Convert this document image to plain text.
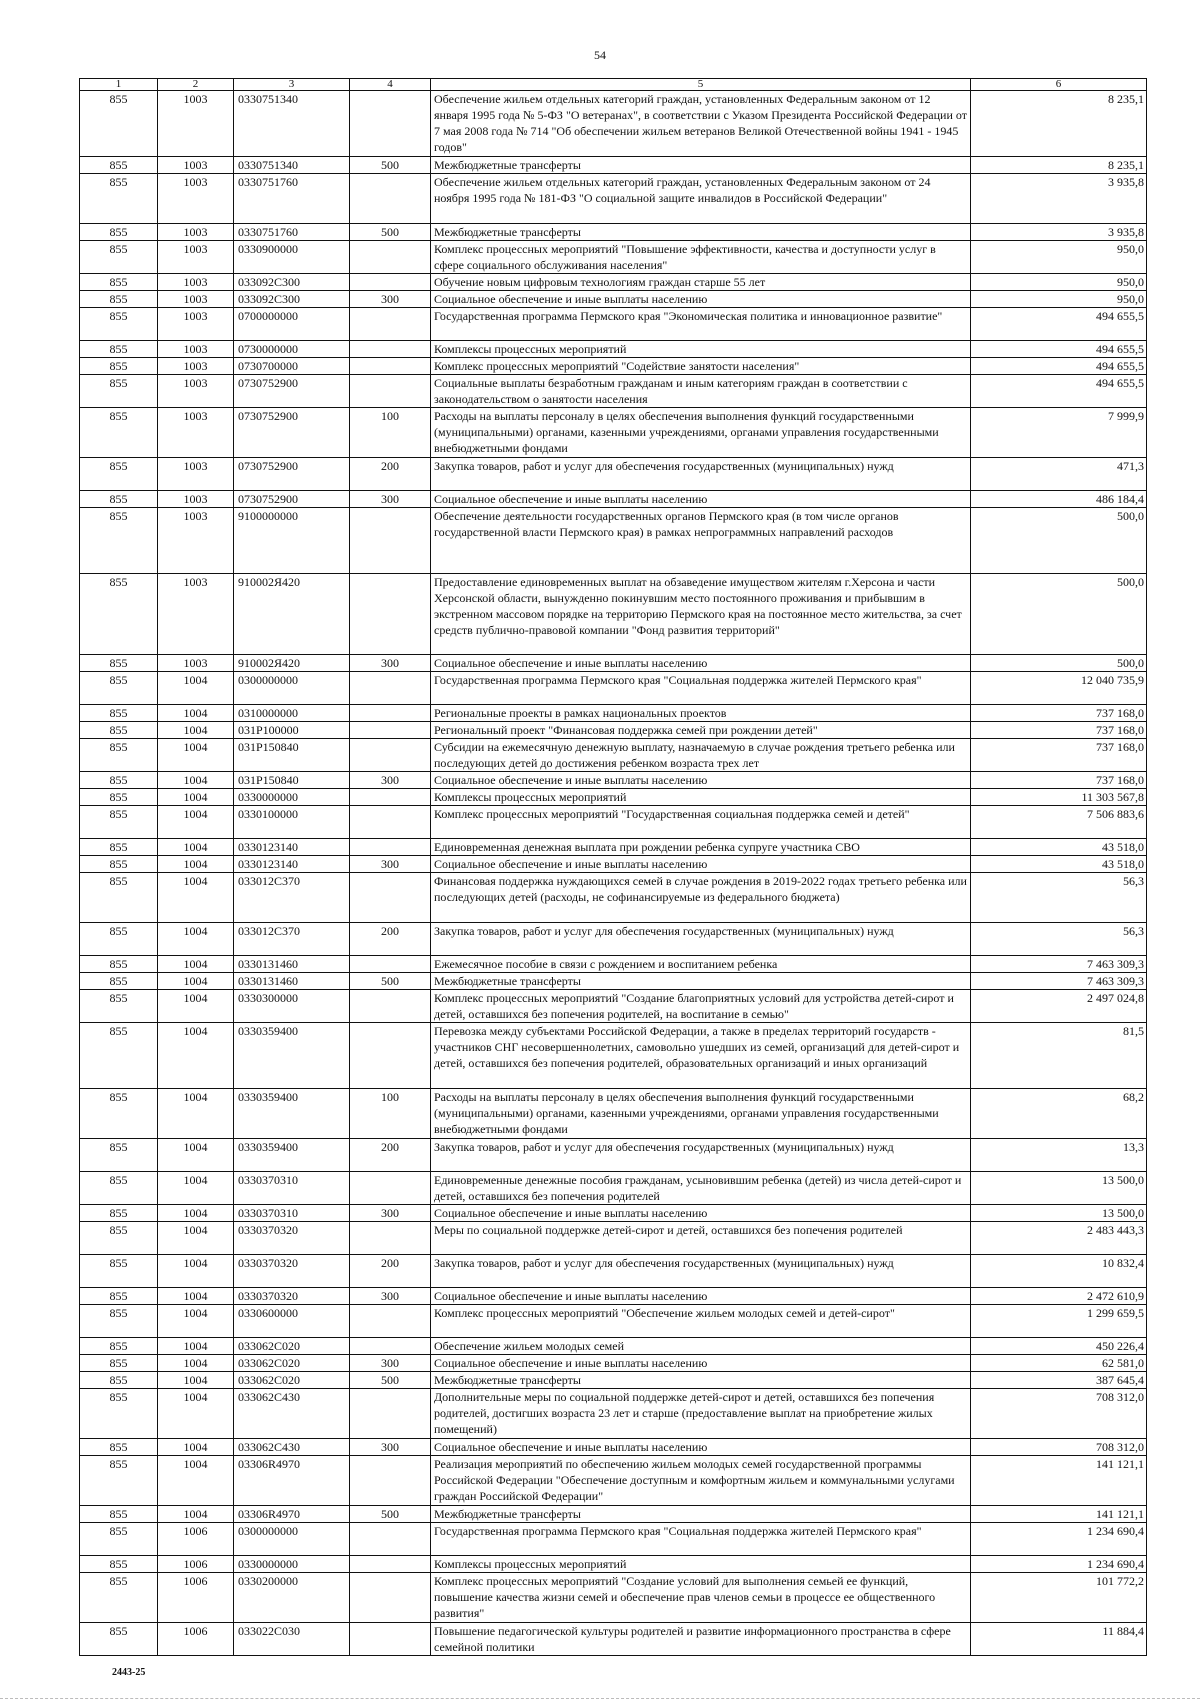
54
1	2	3	4	5	6
855	1003	0330751340		Обеспечение жильем отдельных категорий граждан, установленных Федеральным законом от 12 января 1995 года № 5-ФЗ "О ветеранах", в соответствии с Указом Президента Российской Федерации от 7 мая 2008 года № 714 "Об обеспечении жильем ветеранов Великой Отечественной войны 1941 - 1945 годов"	8 235,1
855	1003	0330751340	500	Межбюджетные трансферты	8 235,1
855	1003	0330751760		Обеспечение жильем отдельных категорий граждан, установленных Федеральным законом от 24 ноября 1995 года № 181-ФЗ "О социальной защите инвалидов в Российской Федерации"	3 935,8
855	1003	0330751760	500	Межбюджетные трансферты	3 935,8
855	1003	0330900000		Комплекс процессных мероприятий "Повышение эффективности, качества и доступности услуг в сфере социального обслуживания населения"	950,0
855	1003	033092С300		Обучение новым цифровым технологиям граждан старше 55 лет	950,0
855	1003	033092С300	300	Социальное обеспечение и иные выплаты населению	950,0
855	1003	0700000000		Государственная программа Пермского края "Экономическая политика и инновационное развитие"	494 655,5
855	1003	0730000000		Комплексы процессных мероприятий	494 655,5
855	1003	0730700000		Комплекс процессных мероприятий "Содействие занятости населения"	494 655,5
855	1003	0730752900		Социальные выплаты безработным гражданам и иным категориям граждан в соответствии с законодательством о занятости населения	494 655,5
855	1003	0730752900	100	Расходы на выплаты персоналу в целях обеспечения выполнения функций государственными (муниципальными) органами, казенными учреждениями, органами управления государственными внебюджетными фондами	7 999,9
855	1003	0730752900	200	Закупка товаров, работ и услуг для обеспечения государственных (муниципальных) нужд	471,3
855	1003	0730752900	300	Социальное обеспечение и иные выплаты населению	486 184,4
855	1003	9100000000		Обеспечение деятельности государственных органов Пермского края (в том числе органов государственной власти Пермского края) в рамках непрограммных направлений расходов	500,0
855	1003	910002Я420		Предоставление единовременных выплат на обзаведение имуществом жителям г.Херсона и части Херсонской области, вынужденно покинувшим место постоянного проживания и прибывшим в экстренном массовом порядке на территорию Пермского края на постоянное место жительства, за счет средств публично-правовой компании "Фонд развития территорий"	500,0
855	1003	910002Я420	300	Социальное обеспечение и иные выплаты населению	500,0
855	1004	0300000000		Государственная программа Пермского края "Социальная поддержка жителей Пермского края"	12 040 735,9
855	1004	0310000000		Региональные проекты в рамках национальных проектов	737 168,0
855	1004	031P100000		Региональный проект "Финансовая поддержка семей при рождении детей"	737 168,0
855	1004	031P150840		Субсидии на ежемесячную денежную выплату, назначаемую в случае рождения третьего ребенка или последующих детей до достижения ребенком возраста трех лет	737 168,0
855	1004	031P150840	300	Социальное обеспечение и иные выплаты населению	737 168,0
855	1004	0330000000		Комплексы процессных мероприятий	11 303 567,8
855	1004	0330100000		Комплекс процессных мероприятий "Государственная социальная поддержка семей и детей"	7 506 883,6
855	1004	0330123140		Единовременная денежная выплата при рождении ребенка супруге участника СВО	43 518,0
855	1004	0330123140	300	Социальное обеспечение и иные выплаты населению	43 518,0
855	1004	033012С370		Финансовая поддержка нуждающихся семей в случае рождения в 2019-2022 годах третьего ребенка или последующих детей (расходы, не софинансируемые из федерального бюджета)	56,3
855	1004	033012С370	200	Закупка товаров, работ и услуг для обеспечения государственных (муниципальных) нужд	56,3
855	1004	0330131460		Ежемесячное пособие в связи с рождением и воспитанием ребенка	7 463 309,3
855	1004	0330131460	500	Межбюджетные трансферты	7 463 309,3
855	1004	0330300000		Комплекс процессных мероприятий "Создание благоприятных условий для устройства детей-сирот и детей, оставшихся без попечения родителей, на воспитание в семью"	2 497 024,8
855	1004	0330359400		Перевозка между субъектами Российской Федерации, а также в пределах территорий государств - участников СНГ несовершеннолетних, самовольно ушедших из семей, организаций для детей-сирот и детей, оставшихся без попечения родителей, образовательных организаций и иных организаций	81,5
855	1004	0330359400	100	Расходы на выплаты персоналу в целях обеспечения выполнения функций государственными (муниципальными) органами, казенными учреждениями, органами управления государственными внебюджетными фондами	68,2
855	1004	0330359400	200	Закупка товаров, работ и услуг для обеспечения государственных (муниципальных) нужд	13,3
855	1004	0330370310		Единовременные денежные пособия гражданам, усыновившим ребенка (детей) из числа детей-сирот и детей, оставшихся без попечения родителей	13 500,0
855	1004	0330370310	300	Социальное обеспечение и иные выплаты населению	13 500,0
855	1004	0330370320		Меры по социальной поддержке детей-сирот и детей, оставшихся без попечения родителей	2 483 443,3
855	1004	0330370320	200	Закупка товаров, работ и услуг для обеспечения государственных (муниципальных) нужд	10 832,4
855	1004	0330370320	300	Социальное обеспечение и иные выплаты населению	2 472 610,9
855	1004	0330600000		Комплекс процессных мероприятий "Обеспечение жильем молодых семей и детей-сирот"	1 299 659,5
855	1004	033062С020		Обеспечение жильем молодых семей	450 226,4
855	1004	033062С020	300	Социальное обеспечение и иные выплаты населению	62 581,0
855	1004	033062С020	500	Межбюджетные трансферты	387 645,4
855	1004	033062С430		Дополнительные меры по социальной поддержке детей-сирот и детей, оставшихся без попечения родителей, достигших возраста 23 лет и старше (предоставление выплат на приобретение жилых помещений)	708 312,0
855	1004	033062С430	300	Социальное обеспечение и иные выплаты населению	708 312,0
855	1004	03306R4970		Реализация мероприятий по обеспечению жильем молодых семей государственной программы Российской Федерации "Обеспечение доступным и комфортным жильем и коммунальными услугами граждан Российской Федерации"	141 121,1
855	1004	03306R4970	500	Межбюджетные трансферты	141 121,1
855	1006	0300000000		Государственная программа Пермского края "Социальная поддержка жителей Пермского края"	1 234 690,4
855	1006	0330000000		Комплексы процессных мероприятий	1 234 690,4
855	1006	0330200000		Комплекс процессных мероприятий "Создание условий для выполнения семьей ее функций, повышение качества жизни семей и обеспечение прав членов семьи в процессе ее общественного развития"	101 772,2
855	1006	033022С030		Повышение педагогической культуры родителей и развитие информационного пространства в сфере семейной политики	11 884,4
2443-25
